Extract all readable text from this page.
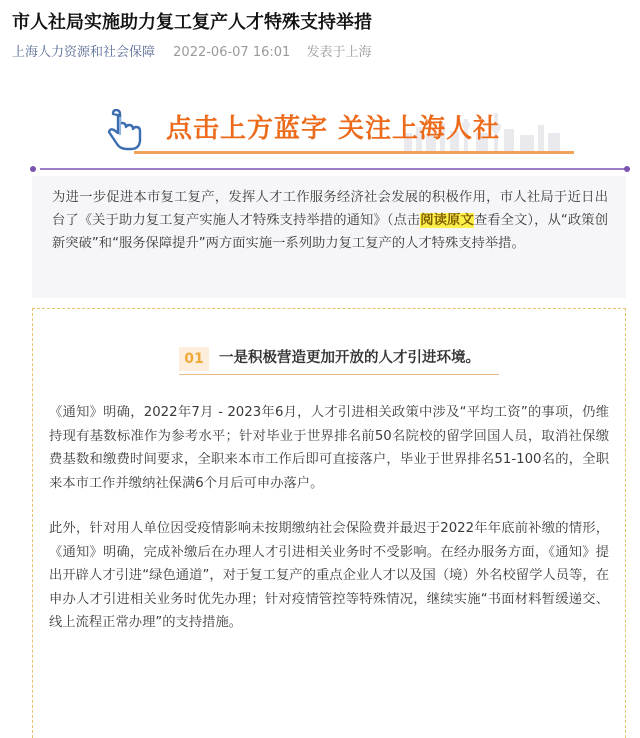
市人社局实施助力复工复产人才特殊支持举措
上海人力资源和社会保障 2022-06-07 16:01 发表于上海
点击上方蓝字 关注上海人社

为进一步促进本市复工复产，发挥人才工作服务经济社会发展的积极作用，市人社局于近日出台了《关于助力复工复产实施人才特殊支持举措的通知》（点击阅读原文查看全文），从“政策创新突破”和“服务保障提升”两方面实施一系列助力复工复产的人才特殊支持举措。

01	一是积极营造更加开放的人才引进环境。

《通知》明确，2022年7月 - 2023年6月，人才引进相关政策中涉及“平均工资”的事项，仍维持现有基数标准作为参考水平；针对毕业于世界排名前50名院校的留学回国人员，取消社保缴费基数和缴费时间要求，全职来本市工作后即可直接落户，毕业于世界排名51-100名的，全职来本市工作并缴纳社保满6个月后可申办落户。

此外，针对用人单位因受疫情影响未按期缴纳社会保险费并最迟于2022年年底前补缴的情形，《通知》明确，完成补缴后在办理人才引进相关业务时不受影响。在经办服务方面，《通知》提出开辟人才引进“绿色通道”，对于复工复产的重点企业人才以及国（境）外名校留学人员等，在申办人才引进相关业务时优先办理；针对疫情管控等特殊情况，继续实施“书面材料暂缓递交、线上流程正常办理”的支持措施。
